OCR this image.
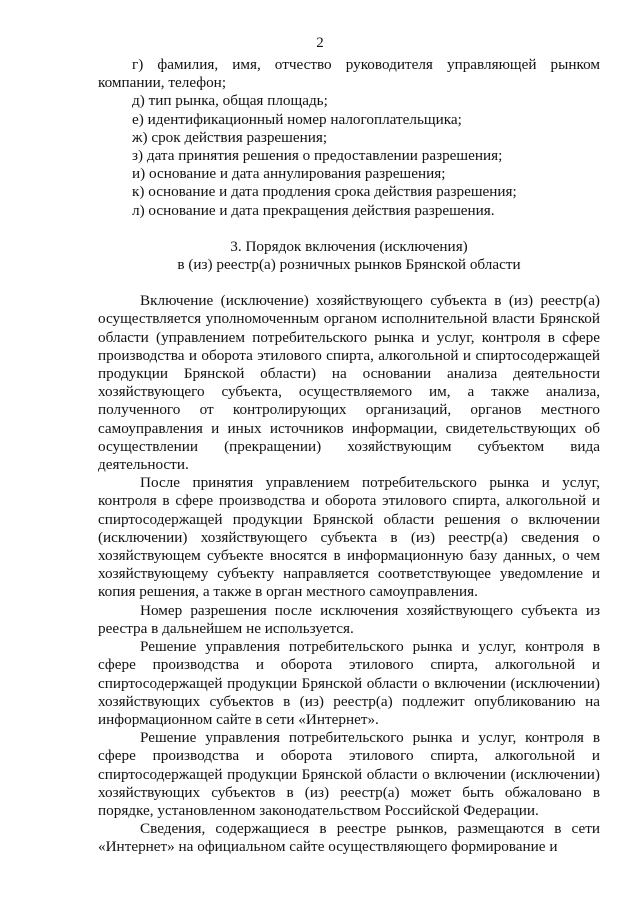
2

г) фамилия, имя, отчество руководителя управляющей рынком компании, телефон;

д) тип рынка, общая площадь;

е) идентификационный номер налогоплательщика;

ж) срок действия разрешения;

з) дата принятия решения о предоставлении разрешения;

и) основание и дата аннулирования разрешения;

к) основание и дата продления срока действия разрешения;

л) основание и дата прекращения действия разрешения.

3. Порядок включения (исключения)

в (из) реестр(а) розничных рынков Брянской области

Включение (исключение) хозяйствующего субъекта в (из) реестр(а) осуществляется уполномоченным органом исполнительной власти Брянской области (управлением потребительского рынка и услуг, контроля в сфере производства и оборота этилового спирта, алкогольной и спиртосодержащей продукции Брянской области) на основании анализа деятельности хозяйствующего субъекта, осуществляемого им, а также анализа, полученного от контролирующих организаций, органов местного самоуправления и иных источников информации, свидетельствующих об осуществлении (прекращении) хозяйствующим субъектом вида деятельности.

После принятия управлением потребительского рынка и услуг, контроля в сфере производства и оборота этилового спирта, алкогольной и спиртосодержащей продукции Брянской области решения о включении (исключении) хозяйствующего субъекта в (из) реестр(а) сведения о хозяйствующем субъекте вносятся в информационную базу данных, о чем хозяйствующему субъекту направляется соответствующее уведомление и копия решения, а также в орган местного самоуправления.

Номер разрешения после исключения хозяйствующего субъекта из реестра в дальнейшем не используется.

Решение управления потребительского рынка и услуг, контроля в сфере производства и оборота этилового спирта, алкогольной и спиртосодержащей продукции Брянской области о включении (исключении) хозяйствующих субъектов в (из) реестр(а) подлежит опубликованию на информационном сайте в сети «Интернет».

Решение управления потребительского рынка и услуг, контроля в сфере производства и оборота этилового спирта, алкогольной и спиртосодержащей продукции Брянской области о включении (исключении) хозяйствующих субъектов в (из) реестр(а) может быть обжаловано в порядке, установленном законодательством Российской Федерации.

Сведения, содержащиеся в реестре рынков, размещаются в сети «Интернет» на официальном сайте осуществляющего формирование и
